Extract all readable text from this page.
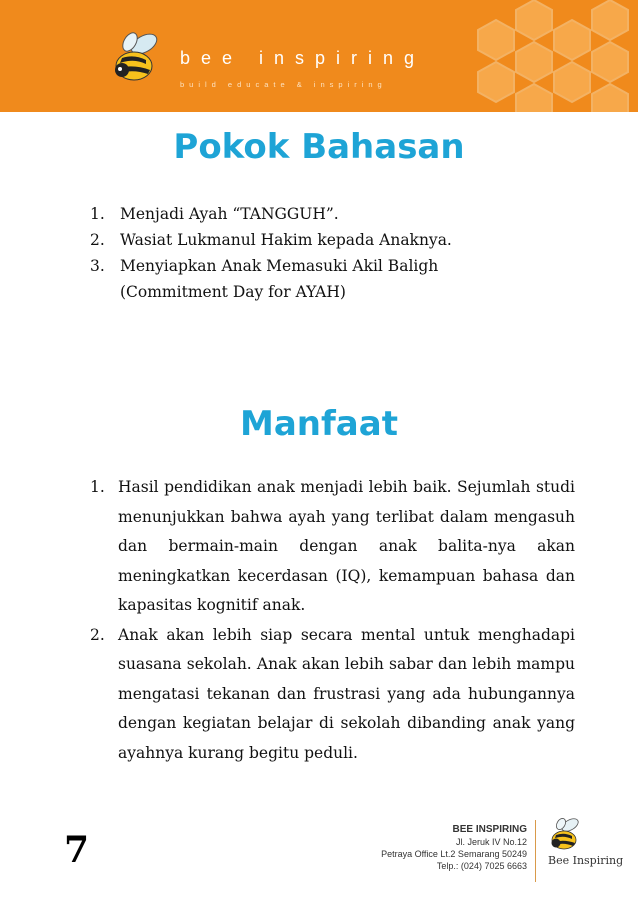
bee inspiring
build educate & inspiring
Pokok Bahasan
1. Menjadi Ayah “TANGGUH”.
2. Wasiat Lukmanul Hakim kepada Anaknya.
3. Menyiapkan Anak Memasuki Akil Baligh (Commitment Day for AYAH)
Manfaat
1. Hasil pendidikan anak menjadi lebih baik. Sejumlah studi menunjukkan bahwa ayah yang terlibat dalam mengasuh dan bermain-main dengan anak balita-nya akan meningkatkan kecerdasan (IQ), kemampuan bahasa dan kapasitas kognitif anak.
2. Anak akan lebih siap secara mental untuk menghadapi suasana sekolah. Anak akan lebih sabar dan lebih mampu mengatasi tekanan dan frustrasi yang ada hubungannya dengan kegiatan belajar di sekolah dibanding anak yang ayahnya kurang begitu peduli.
7	BEE INSPIRING
Jl. Jeruk IV No.12
Petraya Office Lt.2 Semarang 50249
Telp.: (024) 7025 6663 Bee Inspiring
